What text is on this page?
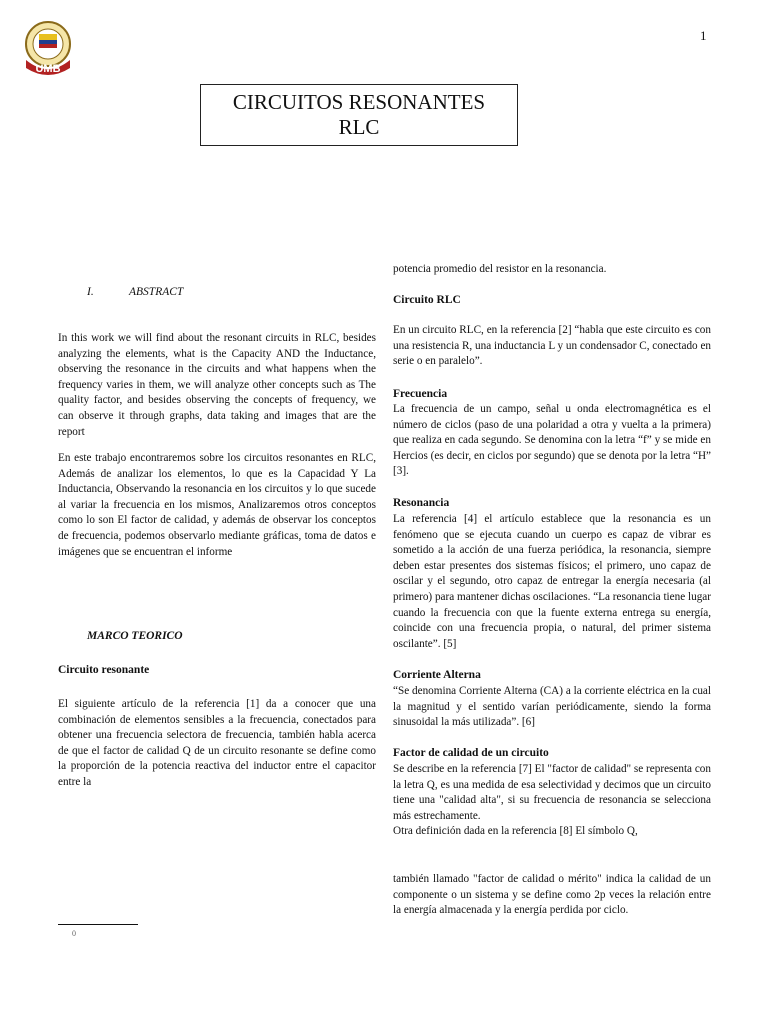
1
UMB
CIRCUITOS RESONANTES
RLC
I.	ABSTRACT

In this work we will find about the resonant circuits in RLC, besides analyzing the elements, what is the Capacity AND the Inductance, observing the resonance in the circuits and what happens when the frequency varies in them, we will analyze other concepts such as The quality factor, and besides observing the concepts of frequency, we can observe it through graphs, data taking and images that are the report

En este trabajo encontraremos sobre los circuitos resonantes en RLC, Además de analizar los elementos, lo que es la Capacidad Y La Inductancia, Observando la resonancia en los circuitos y lo que sucede al variar la frecuencia en los mismos, Analizaremos otros conceptos como lo son El factor de calidad, y además de observar los conceptos de frecuencia, podemos observarlo mediante gráficas, toma de datos e imágenes que se encuentran el informe

MARCO TEORICO
Circuito resonante

El siguiente artículo de la referencia [1] da a conocer que una combinación de elementos sensibles a la frecuencia, conectados para obtener una frecuencia selectora de frecuencia, también habla acerca de que el factor de calidad Q de un circuito resonante se define como la proporción de la potencia reactiva del inductor entre el capacitor entre la

potencia promedio del resistor en la resonancia.

Circuito RLC

En un circuito RLC, en la referencia [2] “habla que este circuito es con una resistencia R, una inductancia L y un condensador C, conectado en serie o en paralelo”.

Frecuencia

La frecuencia de un campo, señal u onda electromagnética es el número de ciclos (paso de una polaridad a otra y vuelta a la primera) que realiza en cada segundo. Se denomina con la letra “f” y se mide en Hercios (es decir, en ciclos por segundo) que se denota por la letra “H” [3].

Resonancia

La referencia [4] el artículo establece que la resonancia es un fenómeno que se ejecuta cuando un cuerpo es capaz de vibrar es sometido a la acción de una fuerza periódica, la resonancia, siempre deben estar presentes dos sistemas físicos; el primero, uno capaz de oscilar y el segundo, otro capaz de entregar la energía necesaria (al primero) para mantener dichas oscilaciones. “La resonancia tiene lugar cuando la frecuencia con que la fuente externa entrega su energía, coincide con una frecuencia propia, o natural, del primer sistema oscilante”. [5]

Corriente Alterna

“Se denomina Corriente Alterna (CA) a la corriente eléctrica en la cual la magnitud y el sentido varían periódicamente, siendo la forma sinusoidal la más utilizada”. [6]

Factor de calidad de un circuito

Se describe en la referencia [7] El "factor de calidad" se representa con la letra Q, es una medida de esa selectividad y decimos que un circuito tiene una "calidad alta", si su frecuencia de resonancia se selecciona más estrechamente.

Otra definición dada en la referencia [8] El símbolo Q,

también llamado "factor de calidad o mérito" indica la calidad de un componente o un sistema y se define como 2p veces la relación entre la energía almacenada y la energía perdida por ciclo.

0
